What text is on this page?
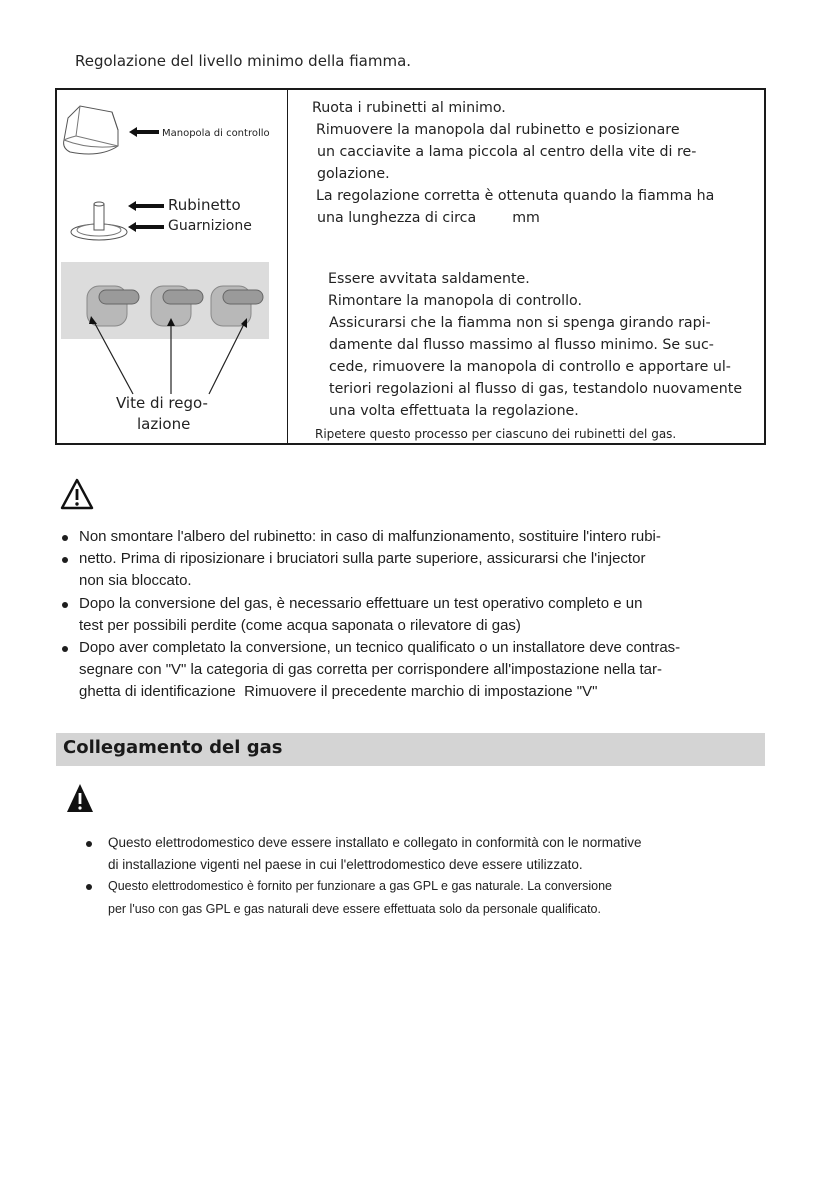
Regolazione del livello minimo della fiamma.
Manopola di controllo
Rubinetto
Guarnizione
Vite di rego-
lazione
Ruota i rubinetti al minimo.
Rimuovere la manopola dal rubinetto e posizionare
un cacciavite a lama piccola al centro della vite di re-
golazione.
La regolazione corretta è ottenuta quando la fiamma ha
una lunghezza di circa        mm
Essere avvitata saldamente.
Rimontare la manopola di controllo.
Assicurarsi che la fiamma non si spenga girando rapi-
damente dal flusso massimo al flusso minimo. Se suc-
cede, rimuovere la manopola di controllo e apportare ul-
teriori regolazioni al flusso di gas, testandolo nuovamente
una volta effettuata la regolazione.
Ripetere questo processo per ciascuno dei rubinetti del gas.
Non smontare l'albero del rubinetto: in caso di malfunzionamento, sostituire l'intero rubi-
netto. Prima di riposizionare i bruciatori sulla parte superiore, assicurarsi che l'injector
non sia bloccato.
Dopo la conversione del gas, è necessario effettuare un test operativo completo e un
test per possibili perdite (come acqua saponata o rilevatore di gas)
Dopo aver completato la conversione, un tecnico qualificato o un installatore deve contras-
segnare con "V" la categoria di gas corretta per corrispondere all'impostazione nella tar-
ghetta di identificazione  Rimuovere il precedente marchio di impostazione "V"
Collegamento del gas
Questo elettrodomestico deve essere installato e collegato in conformità con le normative
di installazione vigenti nel paese in cui l'elettrodomestico deve essere utilizzato.
Questo elettrodomestico è fornito per funzionare a gas GPL e gas naturale. La conversione
per l'uso con gas GPL e gas naturali deve essere effettuata solo da personale qualificato.
